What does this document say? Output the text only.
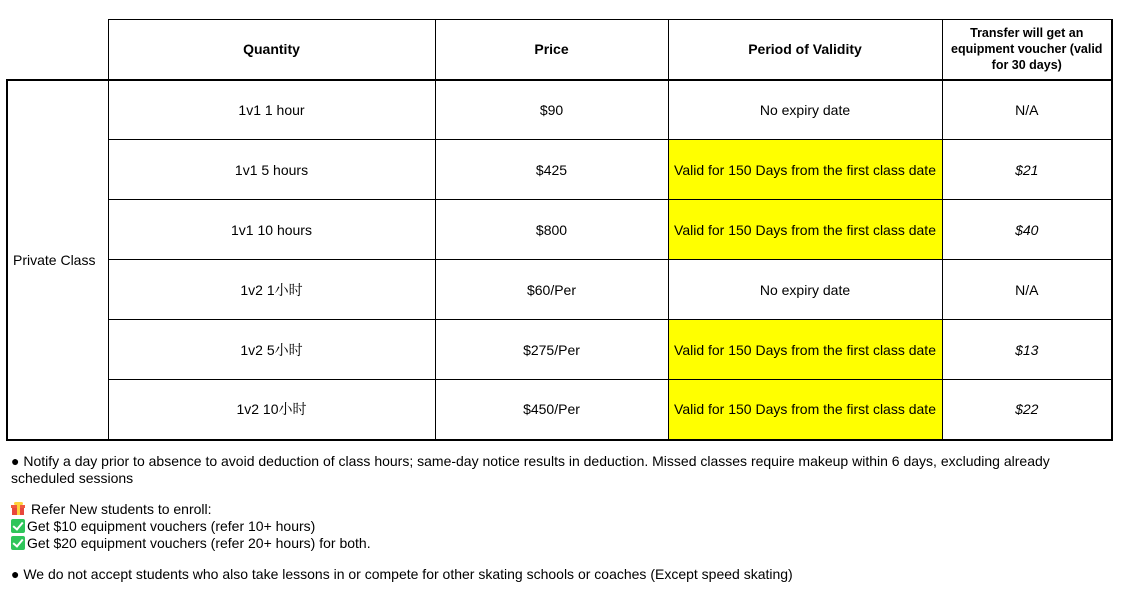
	Quantity	Price	Period of Validity	Transfer will get an equipment voucher (valid for 30 days)
Private Class	1v1 1 hour	$90	No expiry date	N/A
	1v1 5 hours	$425	Valid for 150 Days from the first class date	$21
	1v1 10 hours	$800	Valid for 150 Days from the first class date	$40
	1v2 1小时	$60/Per	No expiry date	N/A
	1v2 5小时	$275/Per	Valid for 150 Days from the first class date	$13
	1v2 10小时	$450/Per	Valid for 150 Days from the first class date	$22

● Notify a day prior to absence to avoid deduction of class hours; same-day notice results in deduction. Missed classes require makeup within 6 days, excluding already scheduled sessions

Refer New students to enroll:

Get $10 equipment vouchers (refer 10+ hours)

Get $20 equipment vouchers (refer 20+ hours) for both.

● We do not accept students who also take lessons in or compete for other skating schools or coaches (Except speed skating)
